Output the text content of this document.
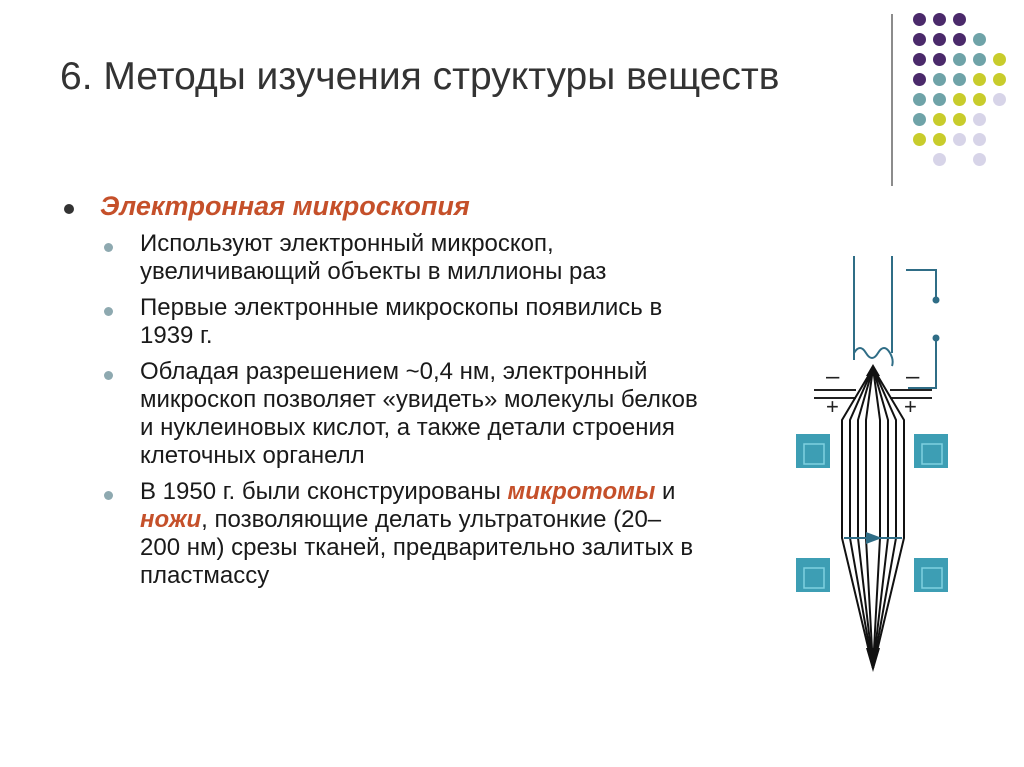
6. Методы изучения структуры веществ
Электронная микроскопия
Используют электронный микроскоп, увеличивающий объекты в миллионы раз
Первые электронные микроскопы появились в 1939 г.
Обладая разрешением ~0,4 нм, электронный микроскоп позволяет «увидеть» молекулы белков и нуклеиновых кислот, а также детали строения клеточных органелл
В 1950 г. были сконструированы микротомы и ножи, позволяющие делать ультратонкие (20–200 нм) срезы тканей, предварительно залитых в пластмассу
–	–
+	+
